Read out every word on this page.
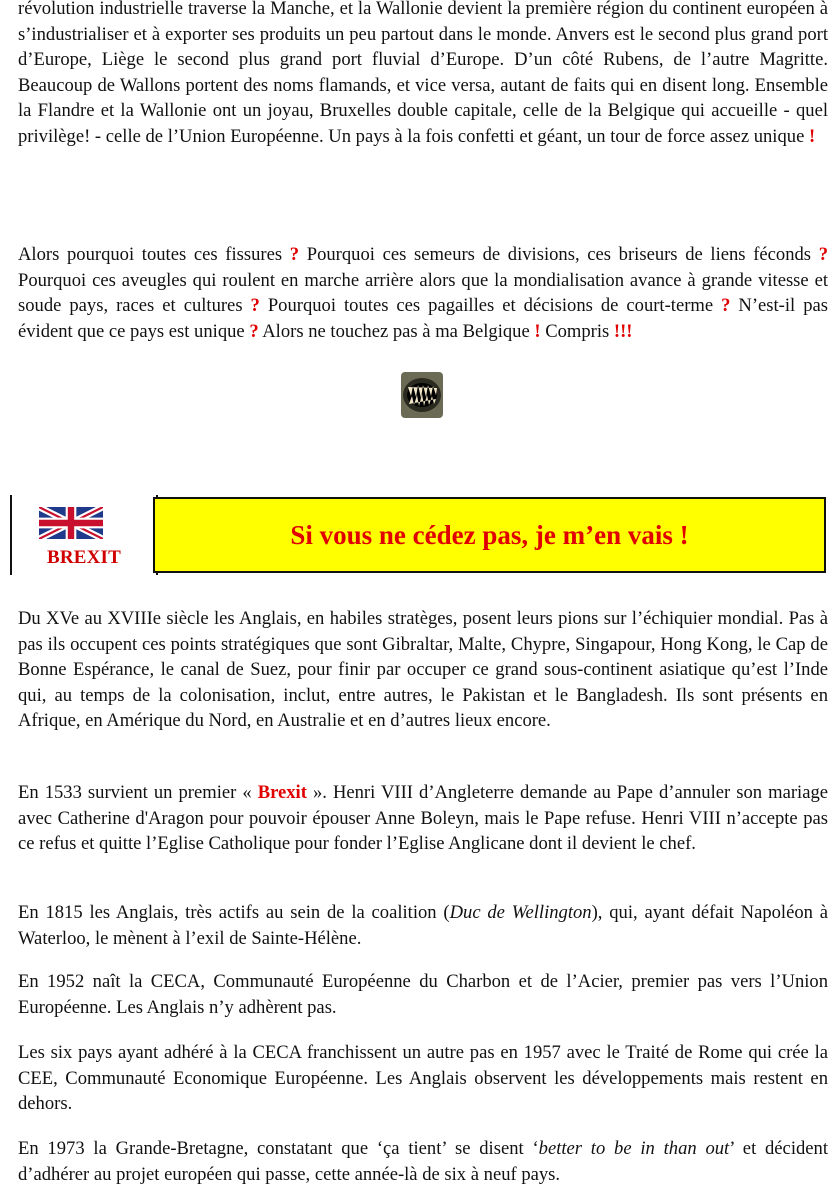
révolution industrielle traverse la Manche, et la Wallonie devient la première région du continent européen à s’industrialiser et à exporter ses produits un peu partout dans le monde. Anvers est le second plus grand port d’Europe, Liège le second plus grand port fluvial d’Europe. D’un côté Rubens, de l’autre Magritte. Beaucoup de Wallons portent des noms flamands, et vice versa, autant de faits qui en disent long. Ensemble la Flandre et la Wallonie ont un joyau, Bruxelles double capitale, celle de la Belgique qui accueille - quel privilège! - celle de l’Union Européenne. Un pays à la fois confetti et géant, un tour de force assez unique !

Alors pourquoi toutes ces fissures ? Pourquoi ces semeurs de divisions, ces briseurs de liens féconds ? Pourquoi ces aveugles qui roulent en marche arrière alors que la mondialisation avance à grande vitesse et soude pays, races et cultures ? Pourquoi toutes ces pagailles et décisions de court-terme ? N’est-il pas évident que ce pays est unique ? Alors ne touchez pas à ma Belgique ! Compris !!!

BREXIT
Si vous ne cédez pas, je m’en vais !

Du XVe au XVIIIe siècle les Anglais, en habiles stratèges, posent leurs pions sur l’échiquier mondial. Pas à pas ils occupent ces points stratégiques que sont Gibraltar, Malte, Chypre, Singapour, Hong Kong, le Cap de Bonne Espérance, le canal de Suez, pour finir par occuper ce grand sous-continent asiatique qu’est l’Inde qui, au temps de la colonisation, inclut, entre autres, le Pakistan et le Bangladesh. Ils sont présents en Afrique, en Amérique du Nord, en Australie et en d’autres lieux encore.

En 1533 survient un premier « Brexit ». Henri VIII d’Angleterre demande au Pape d’annuler son mariage avec Catherine d'Aragon pour pouvoir épouser Anne Boleyn, mais le Pape refuse. Henri VIII n’accepte pas ce refus et quitte l’Eglise Catholique pour fonder l’Eglise Anglicane dont il devient le chef.

En 1815 les Anglais, très actifs au sein de la coalition (Duc de Wellington), qui, ayant défait Napoléon à Waterloo, le mènent à l’exil de Sainte-Hélène.

En 1952 naît la CECA, Communauté Européenne du Charbon et de l’Acier, premier pas vers l’Union Européenne. Les Anglais n’y adhèrent pas.

Les six pays ayant adhéré à la CECA franchissent un autre pas en 1957 avec le Traité de Rome qui crée la CEE, Communauté Economique Européenne. Les Anglais observent les développements mais restent en dehors.

En 1973 la Grande-Bretagne, constatant que ‘ça tient’ se disent ‘better to be in than out’ et décident d’adhérer au projet européen qui passe, cette année-là de six à neuf pays.
